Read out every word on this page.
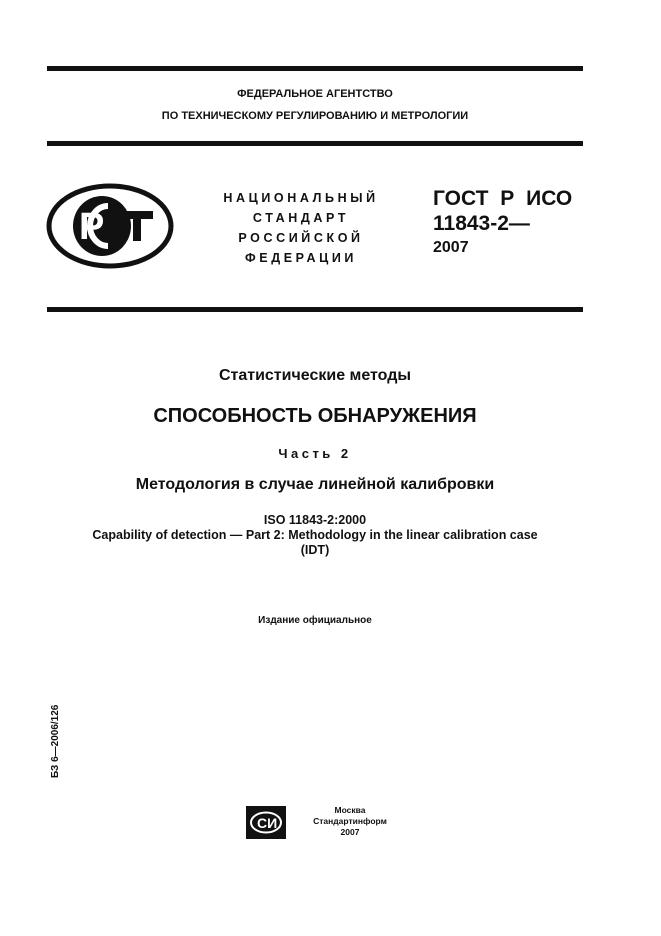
ФЕДЕРАЛЬНОЕ АГЕНТСТВО
ПО ТЕХНИЧЕСКОМУ РЕГУЛИРОВАНИЮ И МЕТРОЛОГИИ
Р
НАЦИОНАЛЬНЫЙ
СТАНДАРТ
РОССИЙСКОЙ
ФЕДЕРАЦИИ
ГОСТ Р ИСО
11843-2—
2007
Статистические методы
СПОСОБНОСТЬ ОБНАРУЖЕНИЯ
Часть 2
Методология в случае линейной калибровки
ISO 11843-2:2000
Capability of detection — Part 2: Methodology in the linear calibration case
(IDT)
Издание официальное
БЗ 6—2006/126
СИ
Москва
Стандартинформ
2007
